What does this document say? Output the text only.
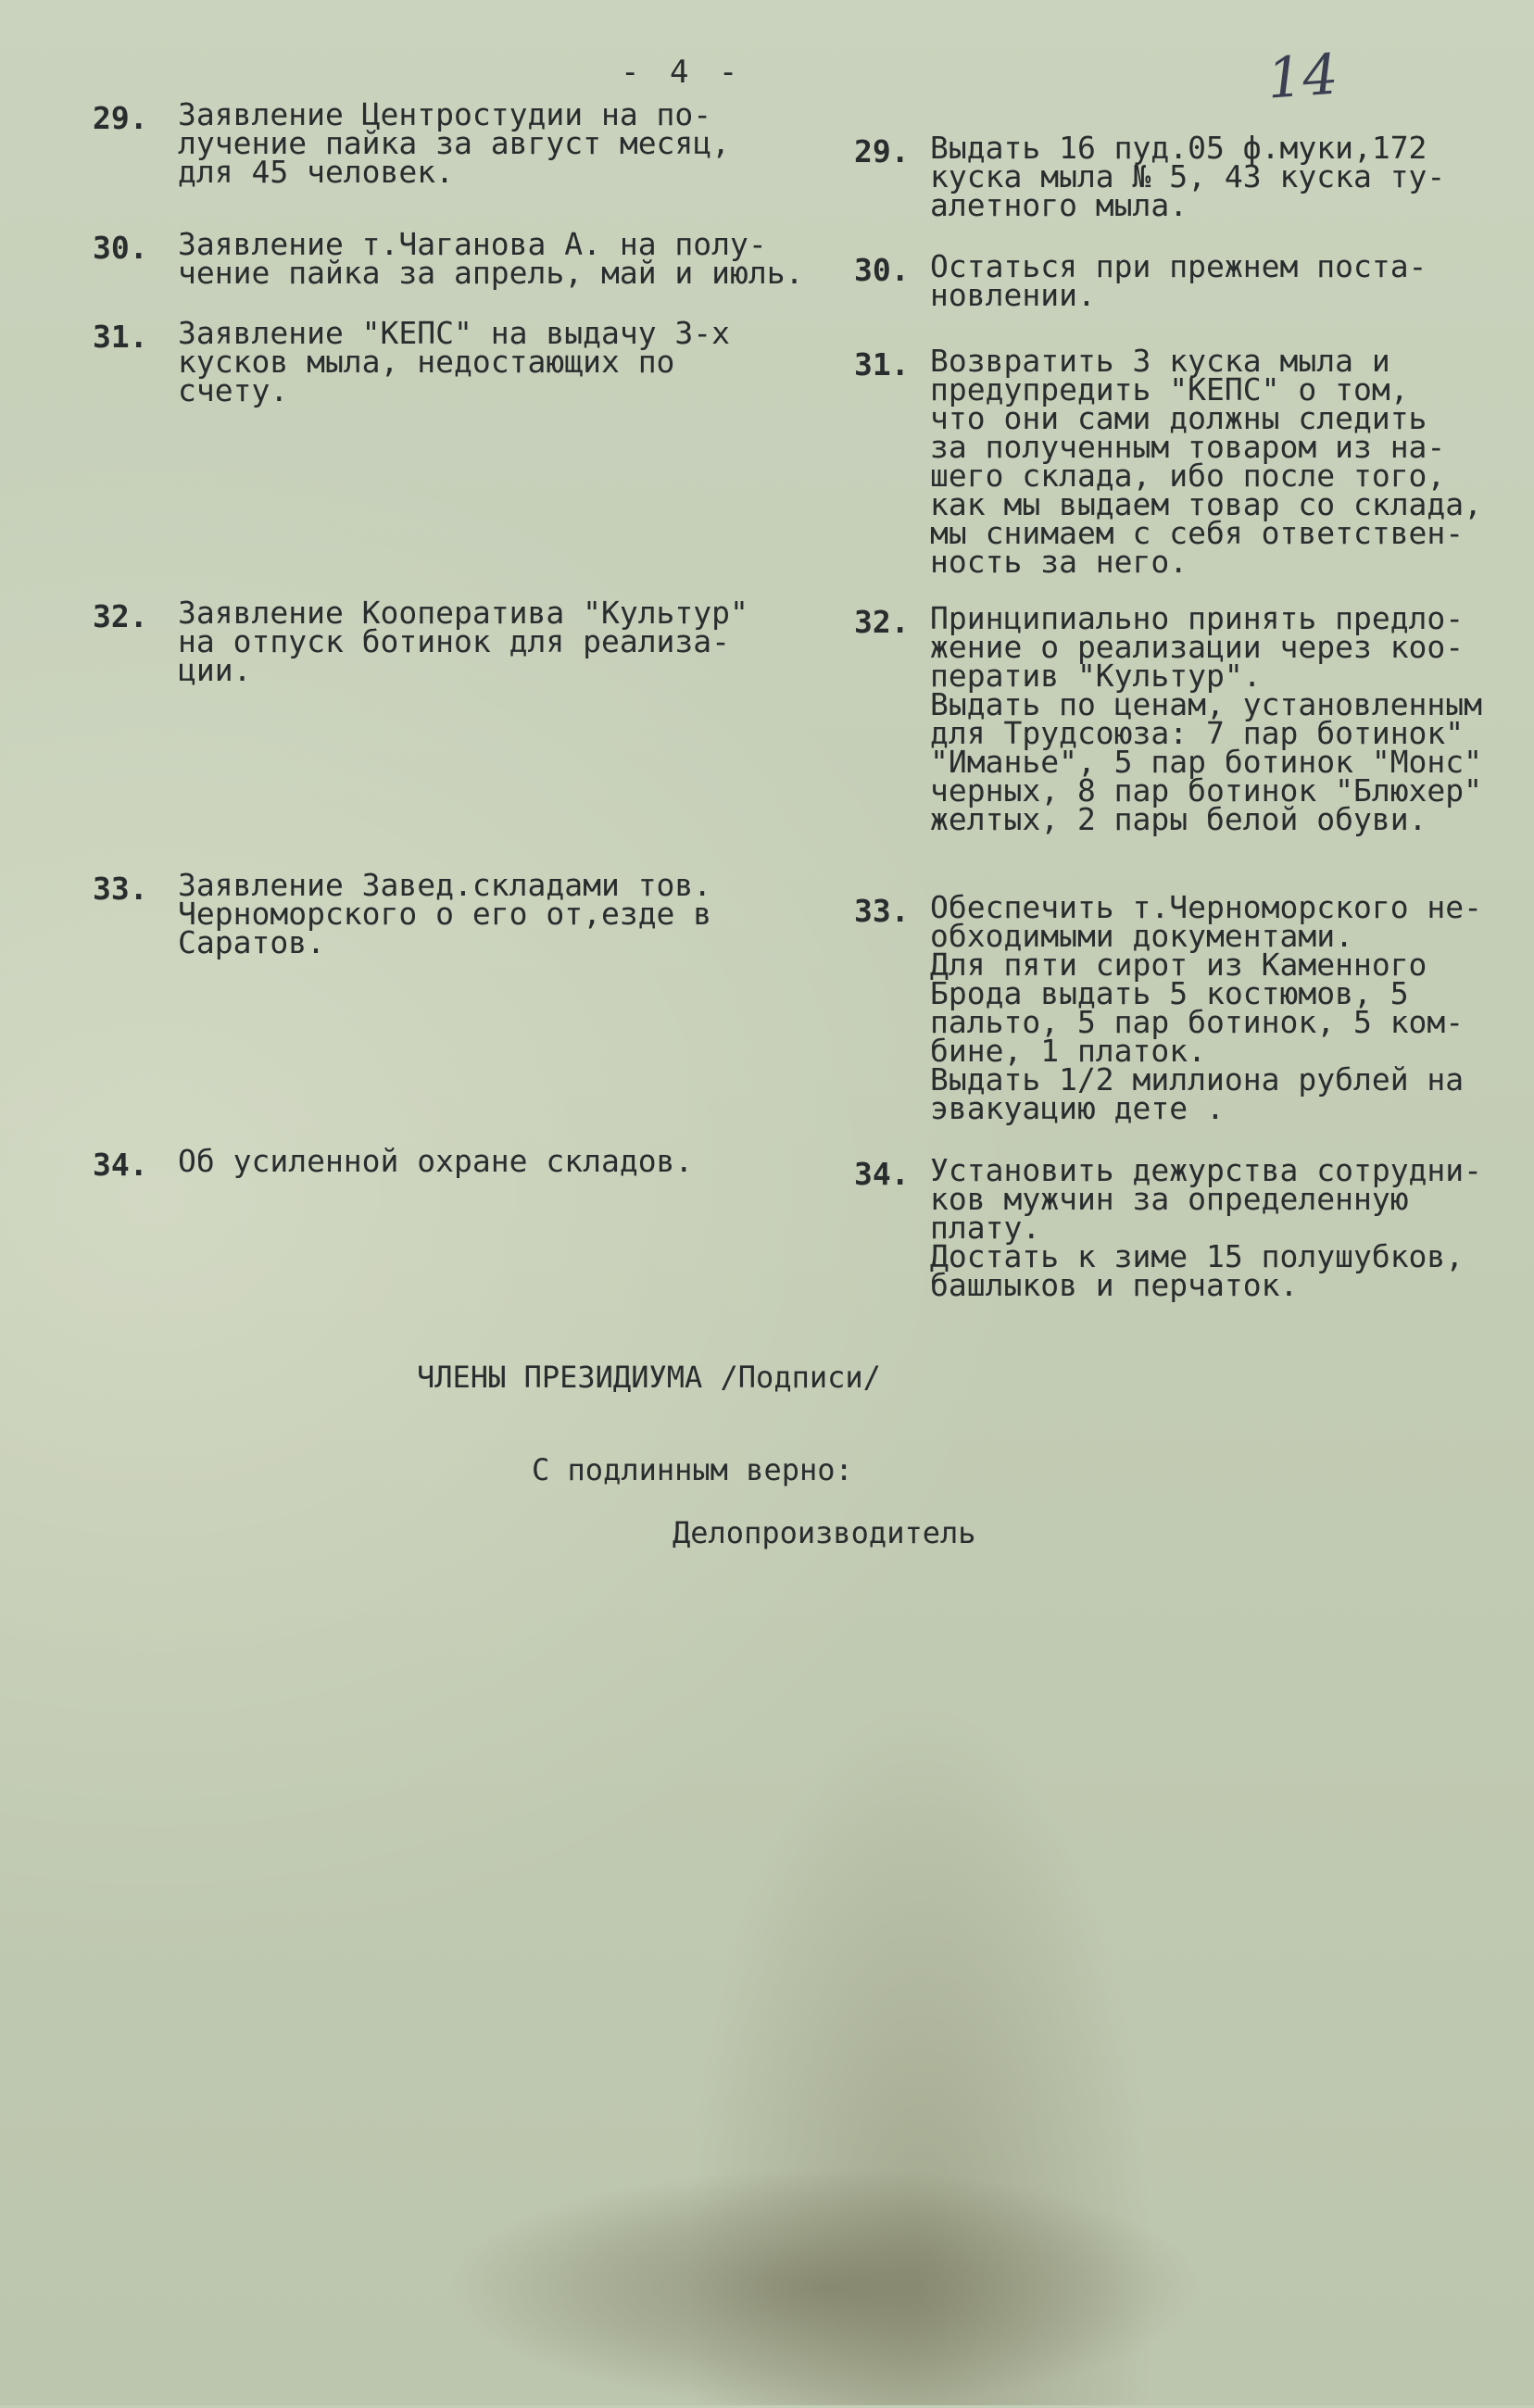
- 4 -	14
29. Заявление Центростудии на по-
лучение пайка за август месяц,
для 45 человек.
29. Выдать 16 пуд.05 ф.муки,172
куска мыла № 5, 43 куска ту-
алетного мыла.
30. Заявление т.Чаганова А. на полу-
чение пайка за апрель, май и июль. 30. Остаться при прежнем поста-
новлении.
31. Заявление "КЕПС" на выдачу 3-х
кусков мыла, недостающих по
счету.
31. Возвратить 3 куска мыла и
предупредить "КЕПС" о том,
что они сами должны следить
за полученным товаром из на-
шего склада, ибо после того,
как мы выдаем товар со склада,
мы снимаем с себя ответствен-
ность за него.
32. Заявление Кооператива "Культур"
на отпуск ботинок для реализа-
ции.
32. Принципиально принять предло-
жение о реализации через коо-
ператив "Культур".
Выдать по ценам, установленным
для Трудсоюза: 7 пар ботинок"
"Иманье", 5 пар ботинок "Монс"
черных, 8 пар ботинок "Блюхер"
желтых, 2 пары белой обуви.
33. Заявление Завед.складами тов.
Черноморского о его от,езде в
Саратов.
33. Обеспечить т.Черноморского не-
обходимыми документами.
Для пяти сирот из Каменного
Брода выдать 5 костюмов, 5
пальто, 5 пар ботинок, 5 ком-
бине, 1 платок.
Выдать 1/2 миллиона рублей на
эвакуацию дете .
34. Об усиленной охране складов.	34. Установить дежурства сотрудни-
ков мужчин за определенную
плату.
Достать к зиме 15 полушубков,
башлыков и перчаток.
ЧЛЕНЫ ПРЕЗИДИУМА /Подписи/
С подлинным верно:
Делопроизводитель
